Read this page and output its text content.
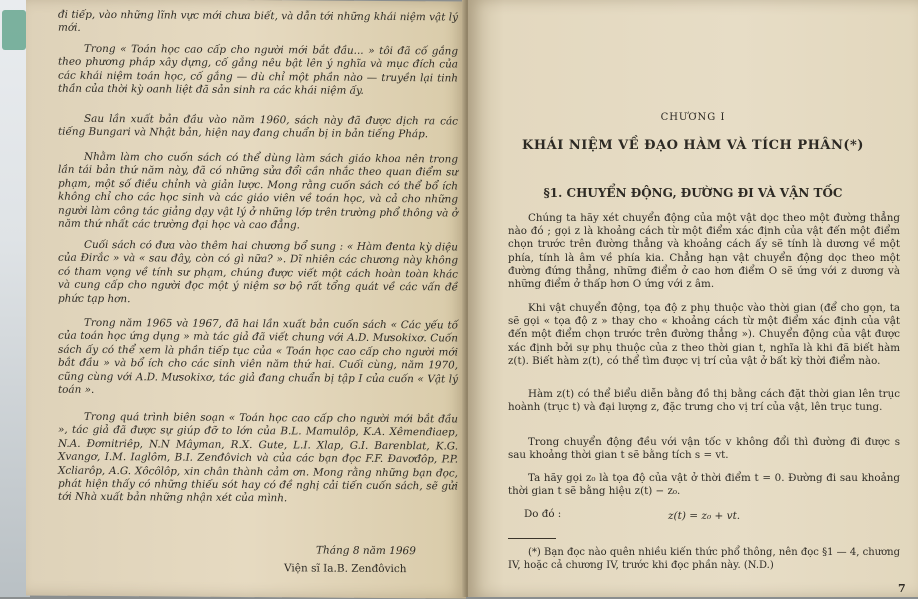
đi tiếp, vào những lĩnh vực mới chưa biết, và dẫn tới những khái niệm vật lý mới.

Trong « Toán học cao cấp cho người mới bắt đầu... » tôi đã cố gắng theo phương pháp xây dựng, cố gắng nêu bật lên ý nghĩa và mục đích của các khái niệm toán học, cố gắng — dù chỉ một phần nào — truyền lại tinh thần của thời kỳ oanh liệt đã sản sinh ra các khái niệm ấy.

Sau lần xuất bản đầu vào năm 1960, sách này đã được dịch ra các tiếng Bungari và Nhật bản, hiện nay đang chuẩn bị in bản tiếng Pháp.

Nhằm làm cho cuốn sách có thể dùng làm sách giáo khoa nên trong lần tái bản thứ năm này, đã có những sửa đổi cần nhắc theo quan điểm sư phạm, một số điều chỉnh và giản lược. Mong rằng cuốn sách có thể bổ ích không chỉ cho các học sinh và các giáo viên về toán học, và cả cho những người làm công tác giảng dạy vật lý ở những lớp trên trường phổ thông và ở năm thứ nhất các trường đại học và cao đẳng.

Cuối sách có đưa vào thêm hai chương bổ sung : « Hàm đenta kỳ diệu của Đirắc » và « sau đây, còn có gì nữa? ». Dĩ nhiên các chương này không có tham vọng về tính sư phạm, chúng được viết một cách hoàn toàn khác và cung cấp cho người đọc một ý niệm sơ bộ rất tổng quát về các vấn đề phức tạp hơn.

Trong năm 1965 và 1967, đã hai lần xuất bản cuốn sách « Các yếu tố của toán học ứng dụng » mà tác giả đã viết chung với A.D. Mưsokixơ. Cuốn sách ấy có thể xem là phần tiếp tục của « Toán học cao cấp cho người mới bắt đầu » và bổ ích cho các sinh viên năm thứ hai. Cuối cùng, năm 1970, cũng cùng với A.D. Mưsokixơ, tác giả đang chuẩn bị tập I của cuốn « Vật lý toán ».

Trong quá trình biên soạn « Toán học cao cấp cho người mới bắt đầu », tác giả đã được sự giúp đỡ to lớn của B.L. Mamulôp, K.A. Xêmenđiaep, N.A. Đơmitriêp, N.N Mâyman, R.X. Gute, L.I. Xlap, G.I. Barenblat, K.G. Xvangơ, I.M. Iaglôm, B.I. Zenđôvich và của các bạn đọc F.F. Đavơđôp, P.P. Xcliarôp, A.G. Xôcôlôp, xin chân thành cảm ơn. Mong rằng những bạn đọc, phát hiện thấy có những thiếu sót hay có đề nghị cải tiến cuốn sách, sẽ gửi tới Nhà xuất bản những nhận xét của mình.

Tháng 8 năm 1969
Viện sĩ Ia.B. Zenđôvich
CHƯƠNG I
KHÁI NIỆM VỀ ĐẠO HÀM VÀ TÍCH PHÂN(*)
§1. CHUYỂN ĐỘNG, ĐƯỜNG ĐI VÀ VẬN TỐC

Chúng ta hãy xét chuyển động của một vật dọc theo một đường thẳng nào đó ; gọi z là khoảng cách từ một điểm xác định của vật đến một điểm chọn trước trên đường thẳng và khoảng cách ấy sẽ tính là dương về một phía, tính là âm về phía kia. Chẳng hạn vật chuyển động dọc theo một đường đứng thẳng, những điểm ở cao hơn điểm O sẽ ứng với z dương và những điểm ở thấp hơn O ứng với z âm.

Khi vật chuyển động, tọa độ z phụ thuộc vào thời gian (để cho gọn, ta sẽ gọi « tọa độ z » thay cho « khoảng cách từ một điểm xác định của vật đến một điểm chọn trước trên đường thẳng »). Chuyển động của vật được xác định bởi sự phụ thuộc của z theo thời gian t, nghĩa là khi đã biết hàm z(t). Biết hàm z(t), có thể tìm được vị trí của vật ở bất kỳ thời điểm nào.

Hàm z(t) có thể biểu diễn bằng đồ thị bằng cách đặt thời gian lên trục hoành (trục t) và đại lượng z, đặc trưng cho vị trí của vật, lên trục tung.

Trong chuyển động đều với vận tốc v không đổi thì đường đi được s sau khoảng thời gian t sẽ bằng tích s = vt.

Ta hãy gọi z₀ là tọa độ của vật ở thời điểm t = 0. Đường đi sau khoảng thời gian t sẽ bằng hiệu z(t) − z₀.

Do đó :	z(t) = z₀ + vt.

(*) Bạn đọc nào quên nhiều kiến thức phổ thông, nên đọc §1 — 4, chương IV, hoặc cả chương IV, trước khi đọc phần này. (N.D.)

7
